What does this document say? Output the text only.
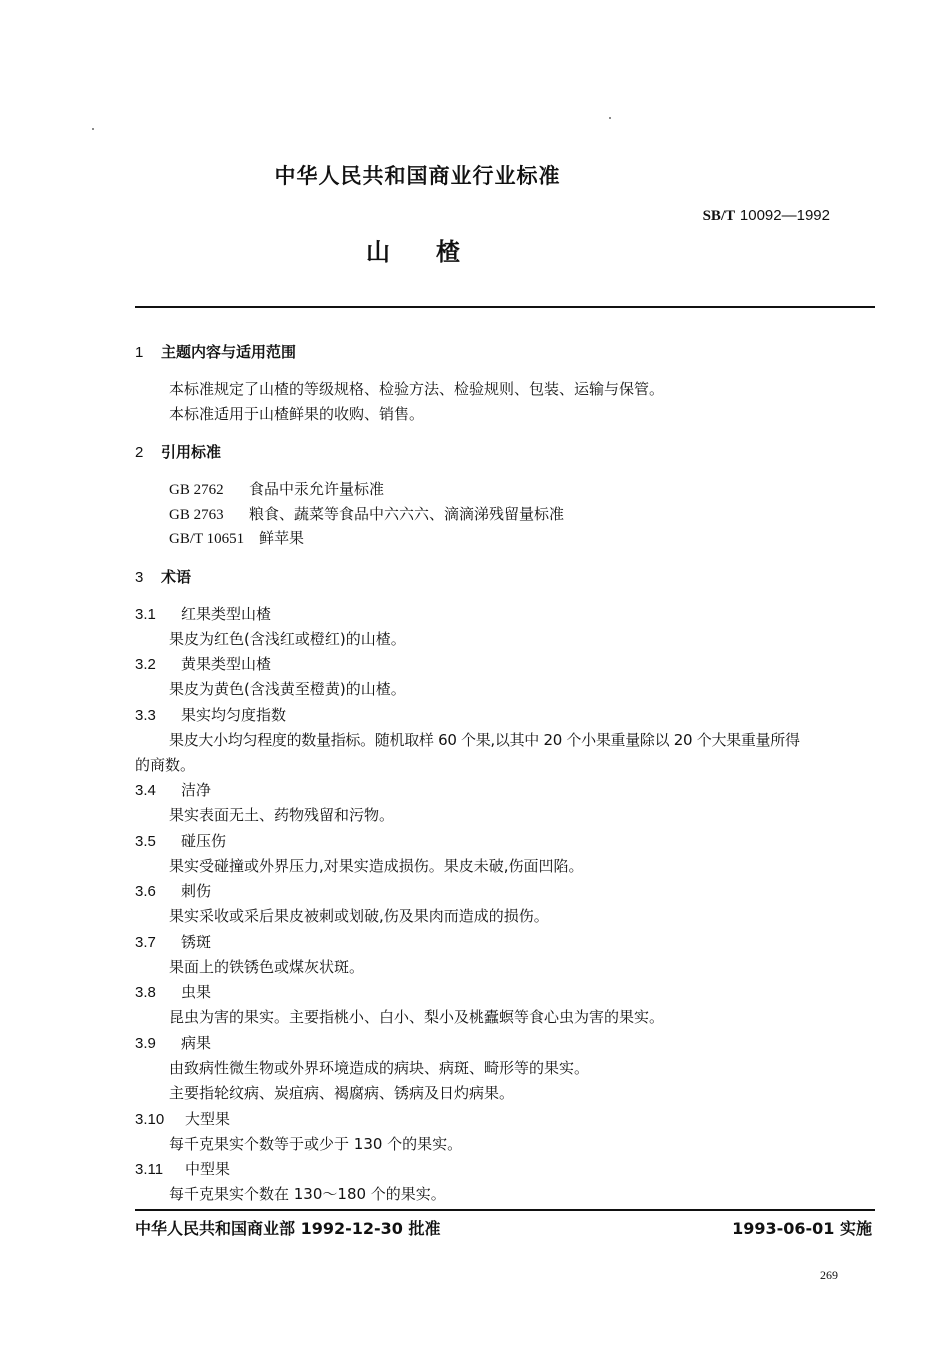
中华人民共和国商业行业标准
SB/T 10092—1992
山楂
1 主题内容与适用范围
本标准规定了山楂的等级规格、检验方法、检验规则、包装、运输与保管。
本标准适用于山楂鲜果的收购、销售。
2 引用标准
GB 2762 食品中汞允许量标准
GB 2763 粮食、蔬菜等食品中六六六、滴滴涕残留量标准
GB/T 10651 鲜苹果
3 术语
3.1 红果类型山楂
果皮为红色(含浅红或橙红)的山楂。
3.2 黄果类型山楂
果皮为黄色(含浅黄至橙黄)的山楂。
3.3 果实均匀度指数
果皮大小均匀程度的数量指标。随机取样 60 个果,以其中 20 个小果重量除以 20 个大果重量所得
的商数。
3.4 洁净
果实表面无土、药物残留和污物。
3.5 碰压伤
果实受碰撞或外界压力,对果实造成损伤。果皮未破,伤面凹陷。
3.6 刺伤
果实采收或采后果皮被刺或划破,伤及果肉而造成的损伤。
3.7 锈斑
果面上的铁锈色或煤灰状斑。
3.8 虫果
昆虫为害的果实。主要指桃小、白小、梨小及桃蠹螟等食心虫为害的果实。
3.9 病果
由致病性微生物或外界环境造成的病块、病斑、畸形等的果实。
主要指轮纹病、炭疽病、褐腐病、锈病及日灼病果。
3.10 大型果
每千克果实个数等于或少于 130 个的果实。
3.11 中型果
每千克果实个数在 130～180 个的果实。
中华人民共和国商业部 1992-12-30 批准	1993-06-01 实施
269
